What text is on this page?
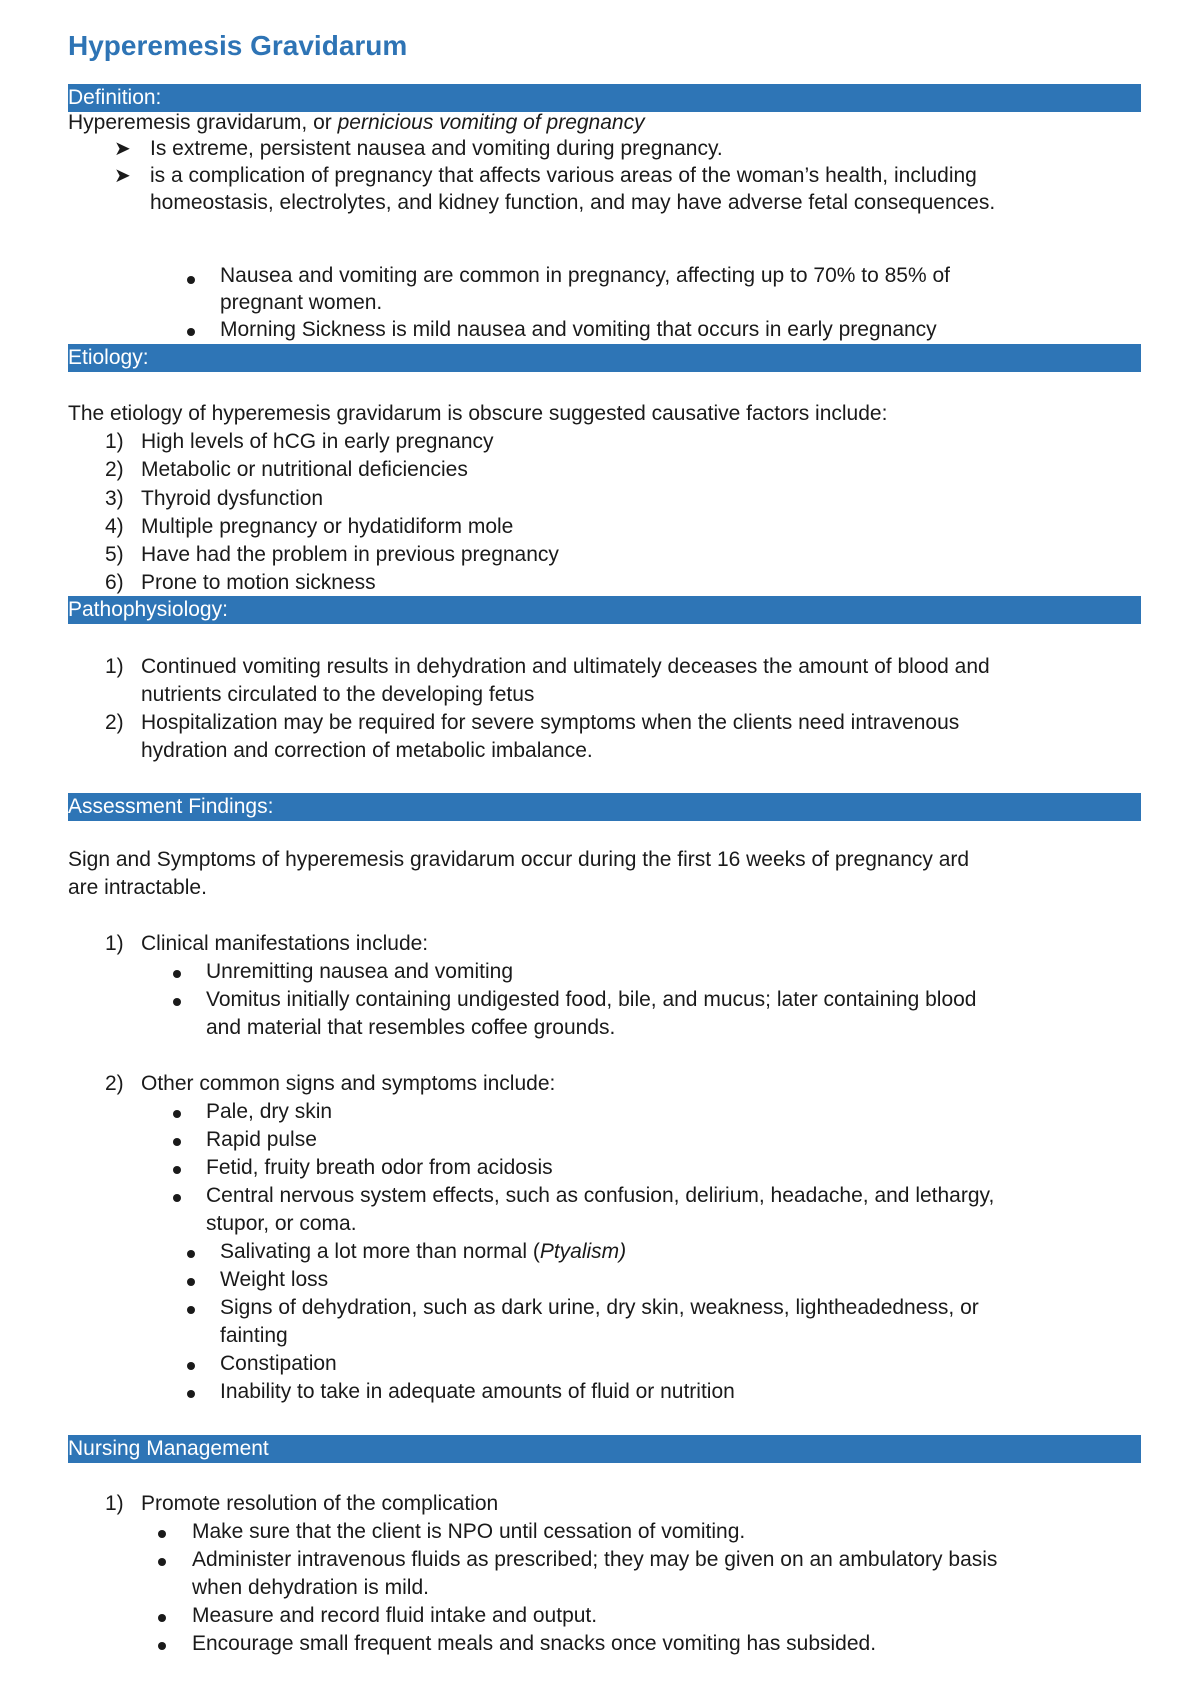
Hyperemesis Gravidarum
Definition:
Hyperemesis gravidarum, or pernicious vomiting of pregnancy
➤ Is extreme, persistent nausea and vomiting during pregnancy.
➤ is a complication of pregnancy that affects various areas of the woman’s health, including
homeostasis, electrolytes, and kidney function, and may have adverse fetal consequences.
Nausea and vomiting are common in pregnancy, affecting up to 70% to 85% of
pregnant women.
Morning Sickness is mild nausea and vomiting that occurs in early pregnancy
Etiology:
The etiology of hyperemesis gravidarum is obscure suggested causative factors include:
1) High levels of hCG in early pregnancy
2) Metabolic or nutritional deficiencies
3) Thyroid dysfunction
4) Multiple pregnancy or hydatidiform mole
5) Have had the problem in previous pregnancy
6) Prone to motion sickness
Pathophysiology:
1) Continued vomiting results in dehydration and ultimately deceases the amount of blood and
nutrients circulated to the developing fetus
2) Hospitalization may be required for severe symptoms when the clients need intravenous
hydration and correction of metabolic imbalance.
Assessment Findings:
Sign and Symptoms of hyperemesis gravidarum occur during the first 16 weeks of pregnancy ard
are intractable.
1) Clinical manifestations include:
Unremitting nausea and vomiting
Vomitus initially containing undigested food, bile, and mucus; later containing blood
and material that resembles coffee grounds.
2) Other common signs and symptoms include:
Pale, dry skin
Rapid pulse
Fetid, fruity breath odor from acidosis
Central nervous system effects, such as confusion, delirium, headache, and lethargy,
stupor, or coma.
Salivating a lot more than normal (Ptyalism)
Weight loss
Signs of dehydration, such as dark urine, dry skin, weakness, lightheadedness, or
fainting
Constipation
Inability to take in adequate amounts of fluid or nutrition
Nursing Management
1) Promote resolution of the complication
Make sure that the client is NPO until cessation of vomiting.
Administer intravenous fluids as prescribed; they may be given on an ambulatory basis
when dehydration is mild.
Measure and record fluid intake and output.
Encourage small frequent meals and snacks once vomiting has subsided.
